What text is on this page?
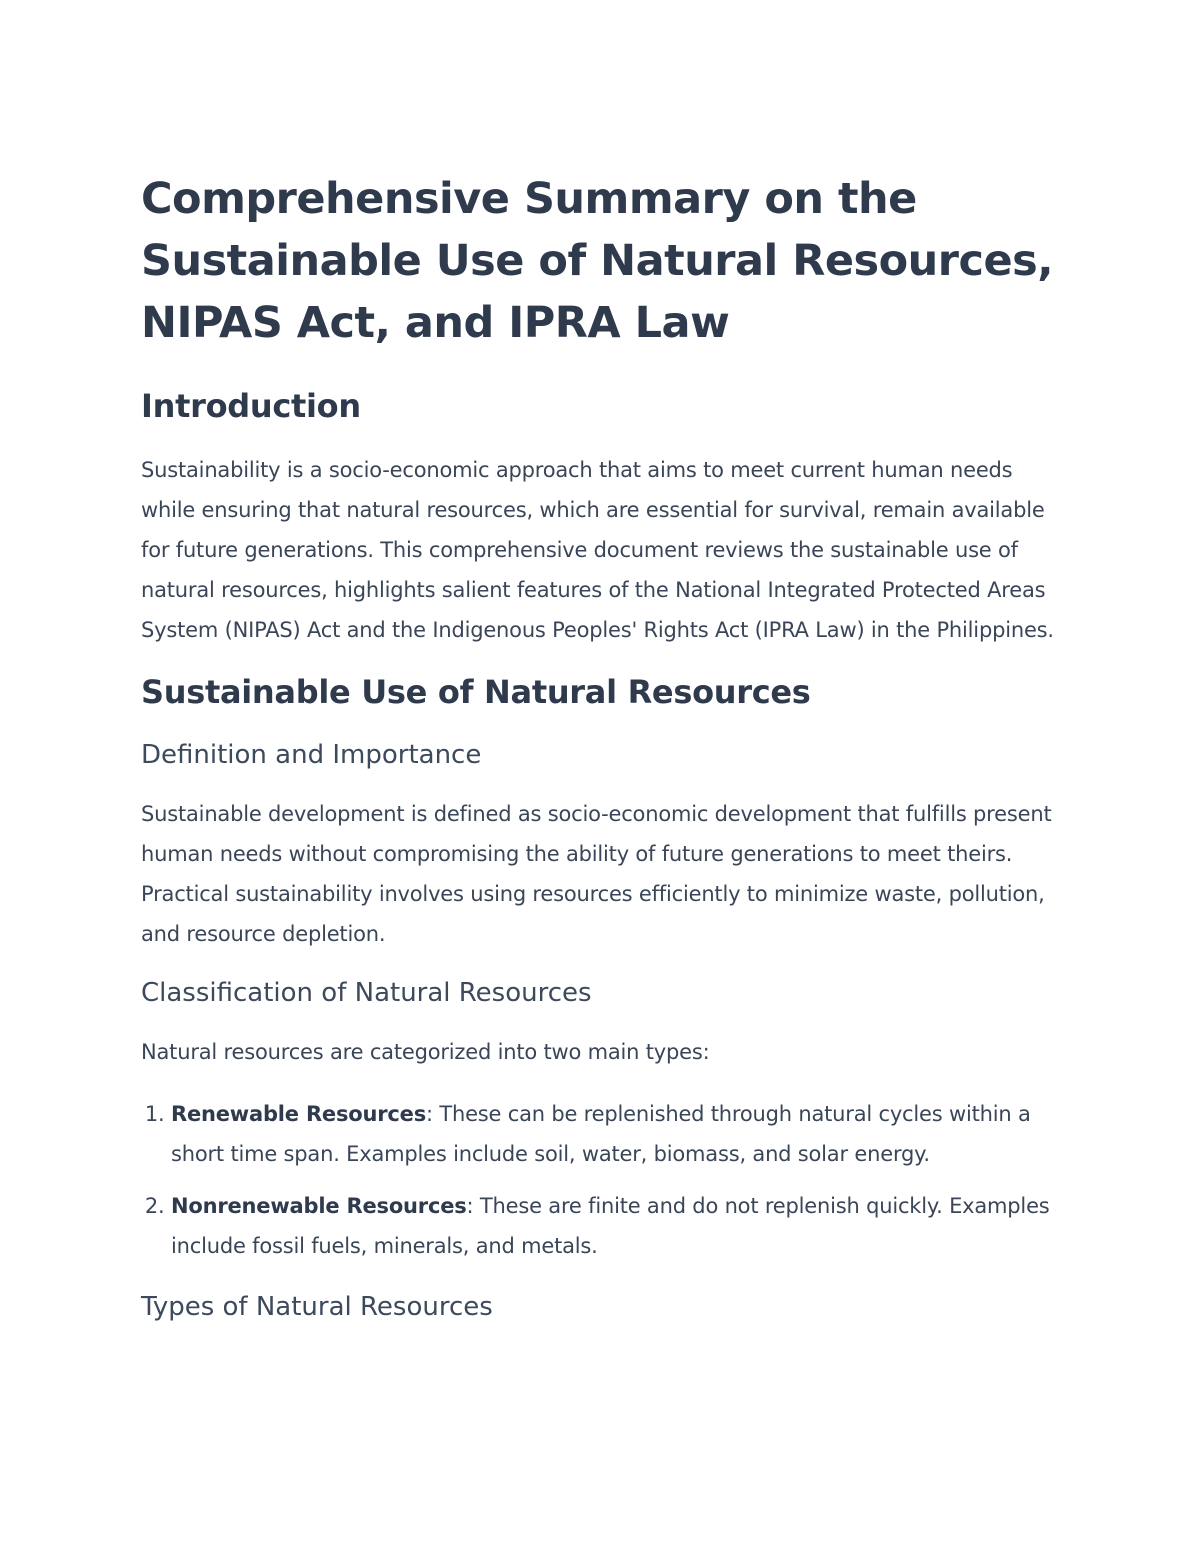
Comprehensive Summary on the Sustainable Use of Natural Resources, NIPAS Act, and IPRA Law
Introduction

Sustainability is a socio-economic approach that aims to meet current human needs while ensuring that natural resources, which are essential for survival, remain available for future generations. This comprehensive document reviews the sustainable use of natural resources, highlights salient features of the National Integrated Protected Areas System (NIPAS) Act and the Indigenous Peoples' Rights Act (IPRA Law) in the Philippines.

Sustainable Use of Natural Resources
Definition and Importance

Sustainable development is defined as socio-economic development that fulfills present human needs without compromising the ability of future generations to meet theirs. Practical sustainability involves using resources efficiently to minimize waste, pollution, and resource depletion.

Classification of Natural Resources

Natural resources are categorized into two main types:

1. Renewable Resources: These can be replenished through natural cycles within a short time span. Examples include soil, water, biomass, and solar energy.
2. Nonrenewable Resources: These are finite and do not replenish quickly. Examples include fossil fuels, minerals, and metals.
Types of Natural Resources
